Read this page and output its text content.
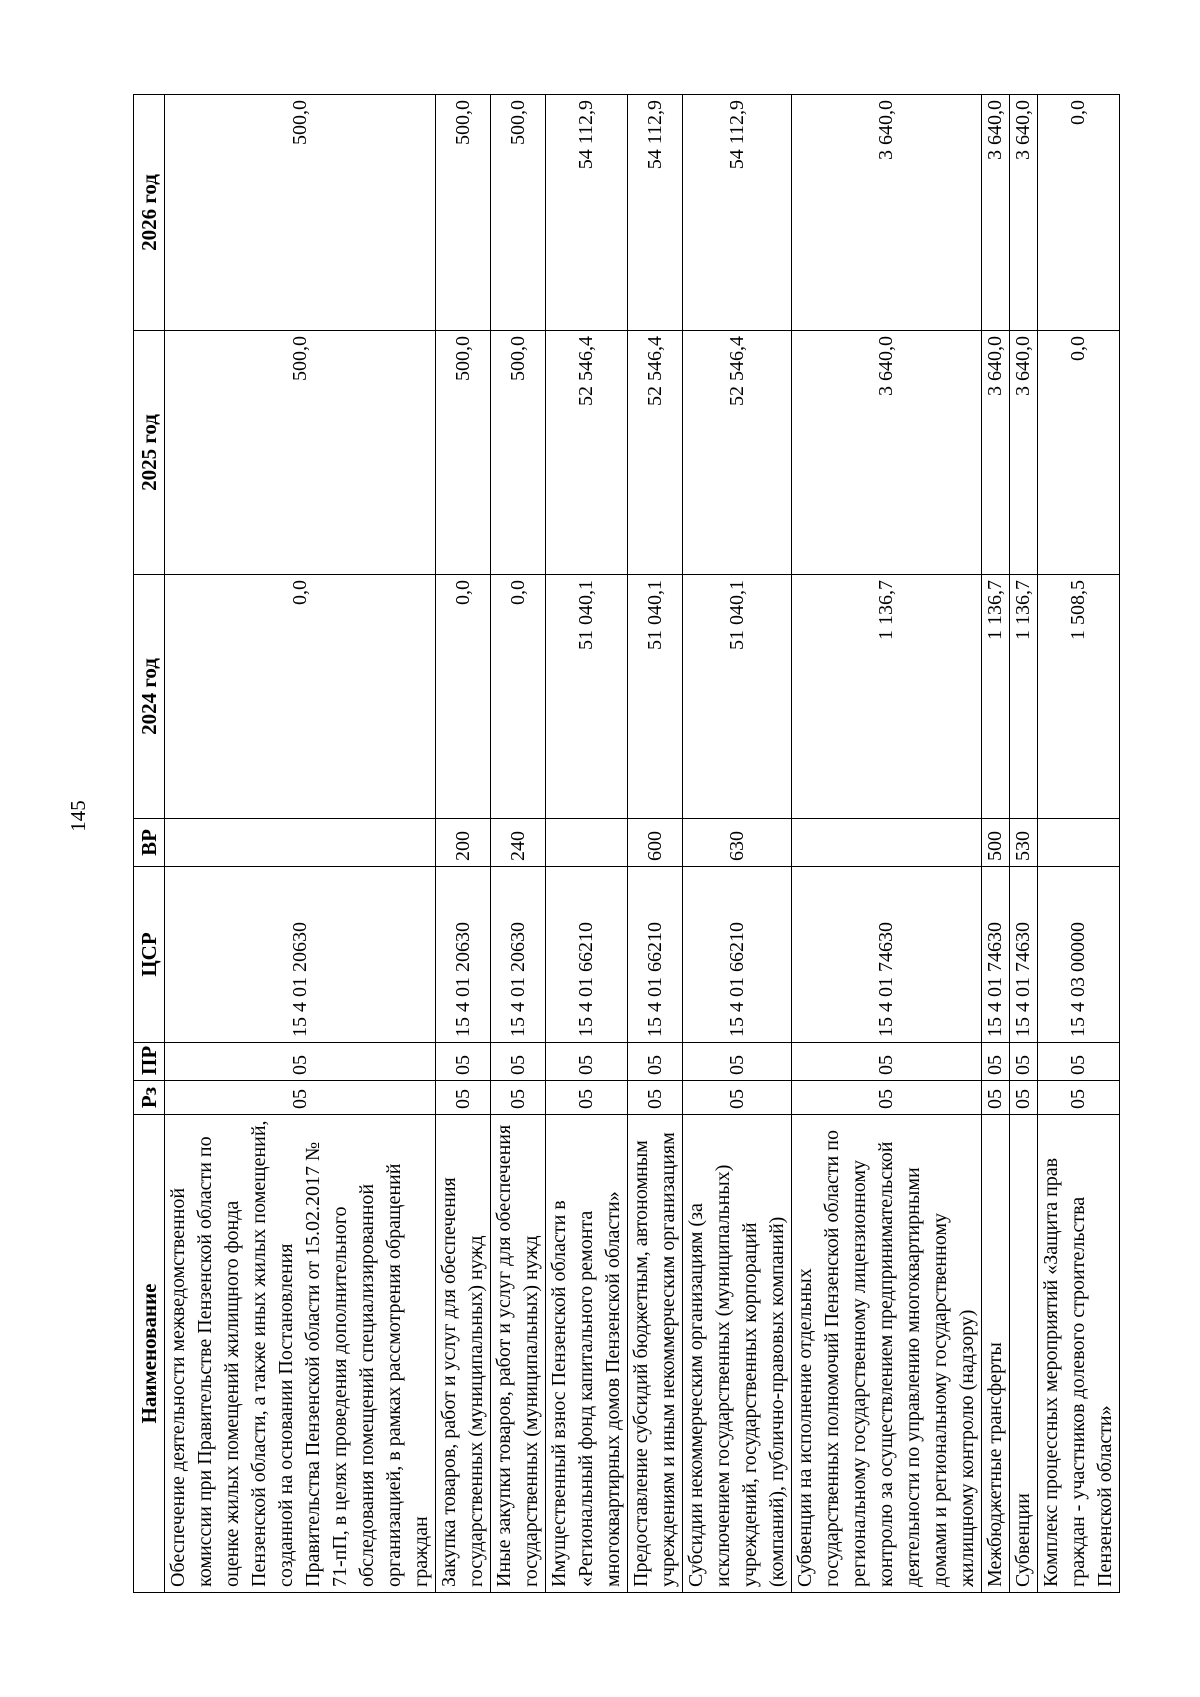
145
Наименование	Рз	ПР	ЦСР	ВР	2024 год	2025 год	2026 год
Обеспечение деятельности межведомственной комиссии при Правительстве Пензенской области по оценке жилых помещений жилищного фонда Пензенской области, а также иных жилых помещений, созданной на основании Постановления Правительства Пензенской области от 15.02.2017 № 71-пП, в целях проведения дополнительного обследования помещений специализированной организацией, в рамках рассмотрения обращений граждан	05	05	15 4 01 20630		0,0	500,0	500,0
Закупка товаров, работ и услуг для обеспечения государственных (муниципальных) нужд	05	05	15 4 01 20630	200	0,0	500,0	500,0
Иные закупки товаров, работ и услуг для обеспечения государственных (муниципальных) нужд	05	05	15 4 01 20630	240	0,0	500,0	500,0
Имущественный взнос Пензенской области в «Региональный фонд капитального ремонта многоквартирных домов Пензенской области»	05	05	15 4 01 66210		51 040,1	52 546,4	54 112,9
Предоставление субсидий бюджетным, автономным учреждениям и иным некоммерческим организациям	05	05	15 4 01 66210	600	51 040,1	52 546,4	54 112,9
Субсидии некоммерческим организациям (за исключением государственных (муниципальных) учреждений, государственных корпораций (компаний), публично-правовых компаний)	05	05	15 4 01 66210	630	51 040,1	52 546,4	54 112,9
Субвенции на исполнение отдельных государственных полномочий Пензенской области по региональному государственному лицензионному контролю за осуществлением предпринимательской деятельности по управлению многоквартирными домами и региональному государственному жилищному контролю (надзору)	05	05	15 4 01 74630		1 136,7	3 640,0	3 640,0
Межбюджетные трансферты	05	05	15 4 01 74630	500	1 136,7	3 640,0	3 640,0
Субвенции	05	05	15 4 01 74630	530	1 136,7	3 640,0	3 640,0
Комплекс процессных мероприятий «Защита прав граждан - участников долевого строительства Пензенской области»	05	05	15 4 03 00000		1 508,5	0,0	0,0
